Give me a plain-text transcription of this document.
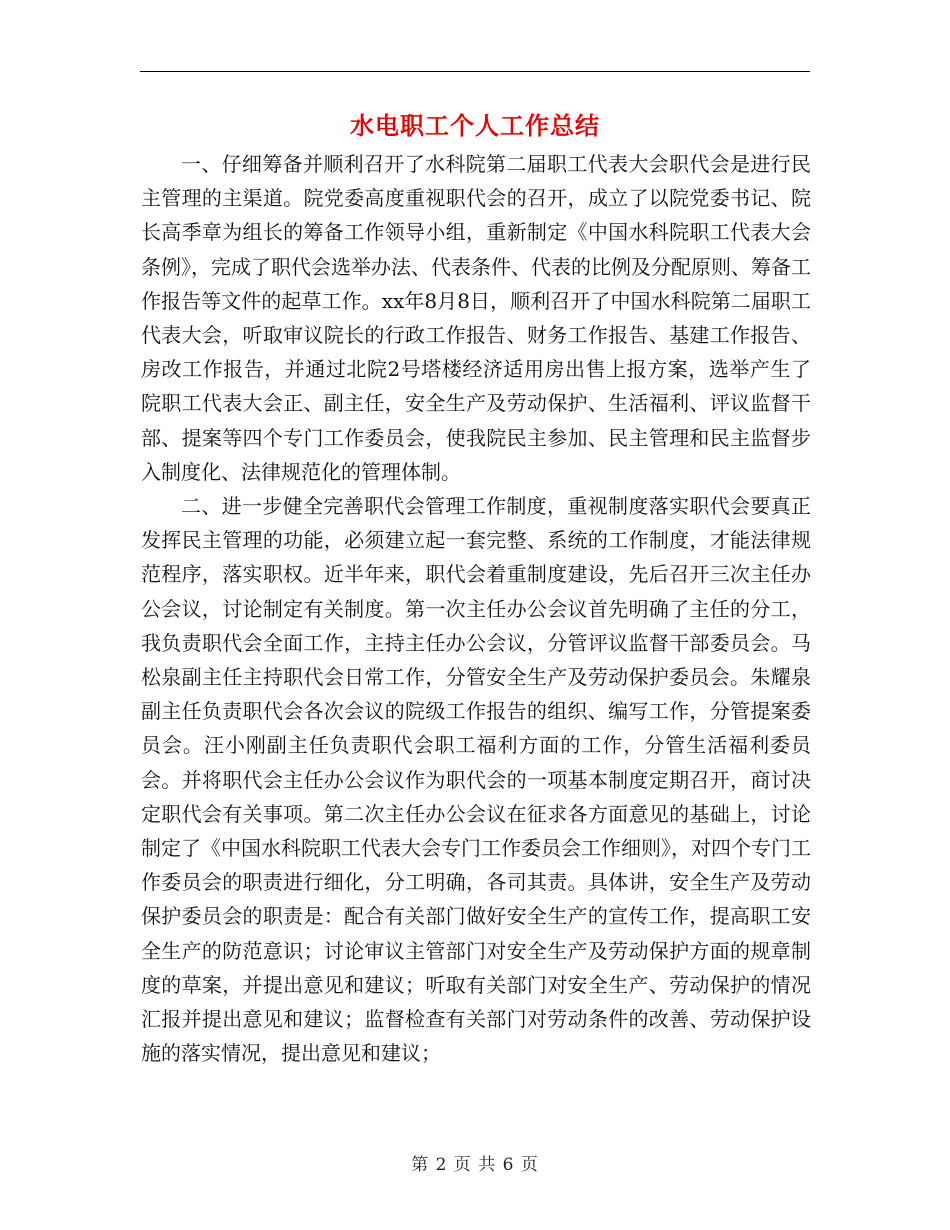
水电职工个人工作总结

一、仔细筹备并顺利召开了水科院第二届职工代表大会职代会是进行民主管理的主渠道。院党委高度重视职代会的召开，成立了以院党委书记、院长高季章为组长的筹备工作领导小组，重新制定《中国水科院职工代表大会条例》，完成了职代会选举办法、代表条件、代表的比例及分配原则、筹备工作报告等文件的起草工作。xx年8月8日，顺利召开了中国水科院第二届职工代表大会，听取审议院长的行政工作报告、财务工作报告、基建工作报告、房改工作报告，并通过北院2号塔楼经济适用房出售上报方案，选举产生了院职工代表大会正、副主任，安全生产及劳动保护、生活福利、评议监督干部、提案等四个专门工作委员会，使我院民主参加、民主管理和民主监督步入制度化、法律规范化的管理体制。

二、进一步健全完善职代会管理工作制度，重视制度落实职代会要真正发挥民主管理的功能，必须建立起一套完整、系统的工作制度，才能法律规范程序，落实职权。近半年来，职代会着重制度建设，先后召开三次主任办公会议，讨论制定有关制度。第一次主任办公会议首先明确了主任的分工，我负责职代会全面工作，主持主任办公会议，分管评议监督干部委员会。马松泉副主任主持职代会日常工作，分管安全生产及劳动保护委员会。朱耀泉副主任负责职代会各次会议的院级工作报告的组织、编写工作，分管提案委员会。汪小刚副主任负责职代会职工福利方面的工作，分管生活福利委员会。并将职代会主任办公会议作为职代会的一项基本制度定期召开，商讨决定职代会有关事项。第二次主任办公会议在征求各方面意见的基础上，讨论制定了《中国水科院职工代表大会专门工作委员会工作细则》，对四个专门工作委员会的职责进行细化，分工明确，各司其责。具体讲，安全生产及劳动保护委员会的职责是：配合有关部门做好安全生产的宣传工作，提高职工安全生产的防范意识；讨论审议主管部门对安全生产及劳动保护方面的规章制度的草案，并提出意见和建议；听取有关部门对安全生产、劳动保护的情况汇报并提出意见和建议；监督检查有关部门对劳动条件的改善、劳动保护设施的落实情况，提出意见和建议；

第 2 页 共 6 页
